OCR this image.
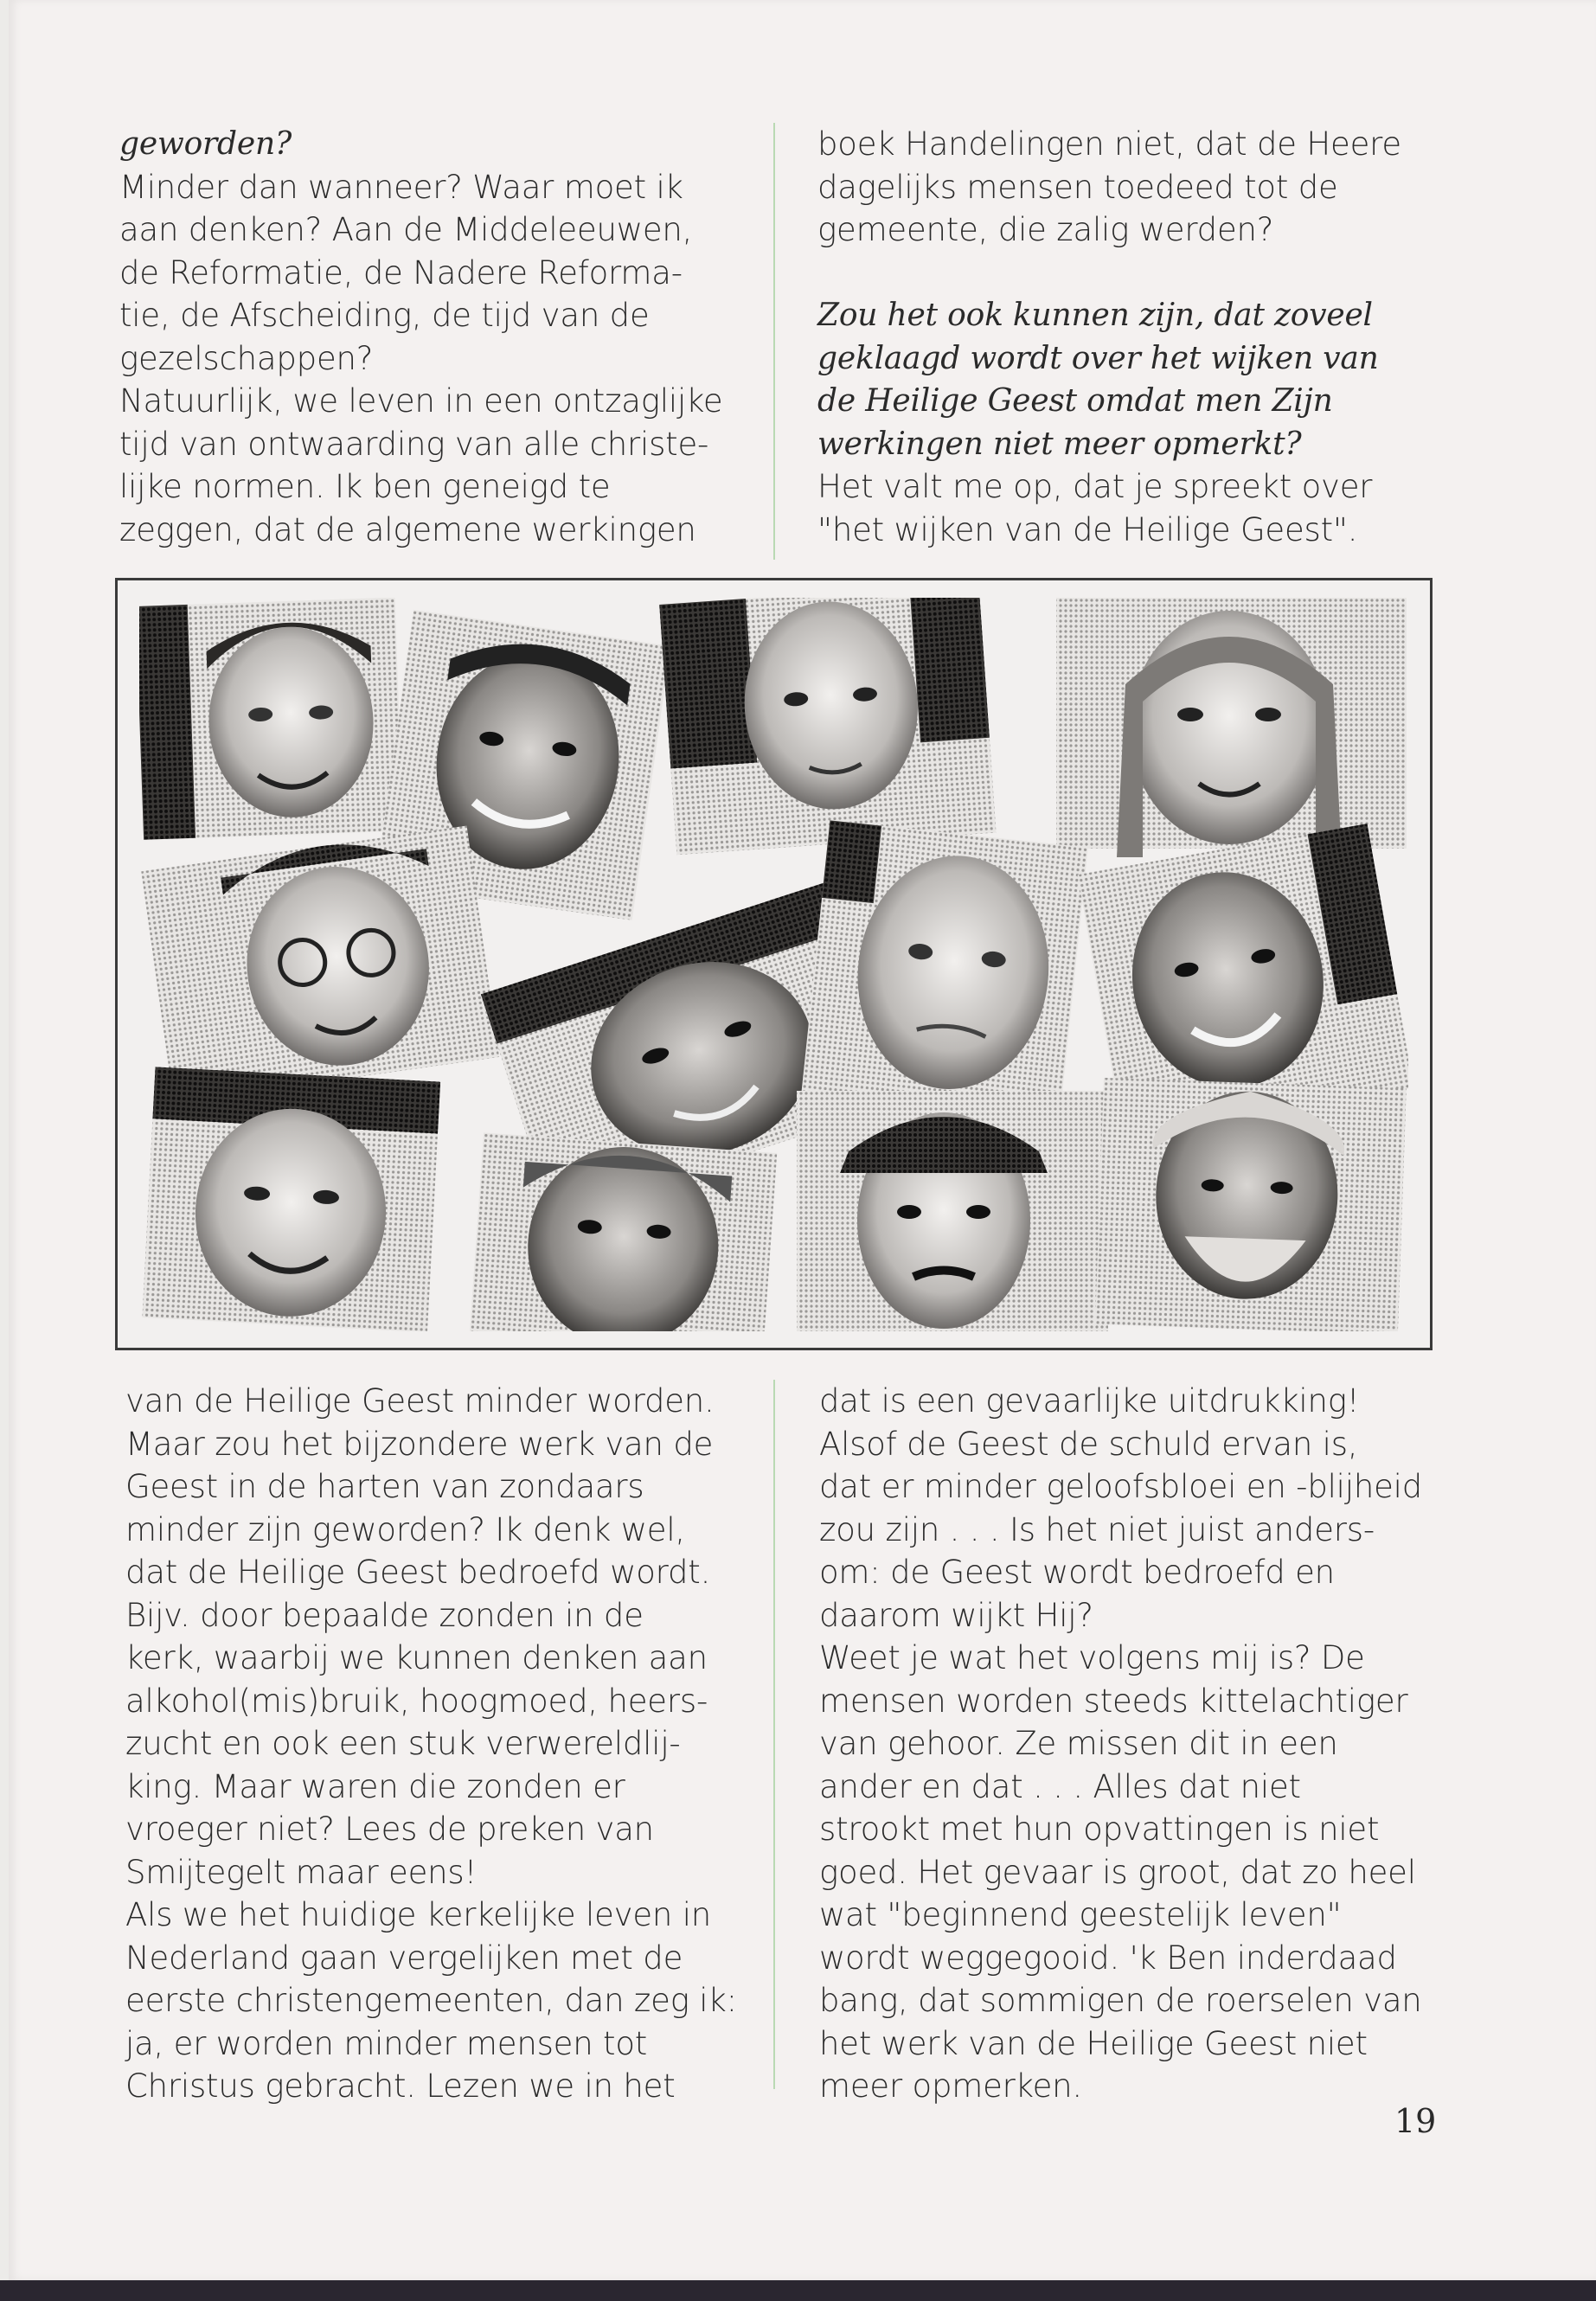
geworden?
Minder dan wanneer? Waar moet ik
aan denken? Aan de Middeleeuwen,
de Reformatie, de Nadere Reforma-
tie, de Afscheiding, de tijd van de
gezelschappen?
Natuurlijk, we leven in een ontzaglijke
tijd van ontwaarding van alle christe-
lijke normen. Ik ben geneigd te
zeggen, dat de algemene werkingen
boek Handelingen niet, dat de Heere
dagelijks mensen toedeed tot de
gemeente, die zalig werden?
Zou het ook kunnen zijn, dat zoveel
geklaagd wordt over het wijken van
de Heilige Geest omdat men Zijn
werkingen niet meer opmerkt?
Het valt me op, dat je spreekt over
"het wijken van de Heilige Geest".
van de Heilige Geest minder worden.
Maar zou het bijzondere werk van de
Geest in de harten van zondaars
minder zijn geworden? Ik denk wel,
dat de Heilige Geest bedroefd wordt.
Bijv. door bepaalde zonden in de
kerk, waarbij we kunnen denken aan
alkohol(mis)bruik, hoogmoed, heers-
zucht en ook een stuk verwereldlij-
king. Maar waren die zonden er
vroeger niet? Lees de preken van
Smijtegelt maar eens!
Als we het huidige kerkelijke leven in
Nederland gaan vergelijken met de
eerste christengemeenten, dan zeg ik:
ja, er worden minder mensen tot
Christus gebracht. Lezen we in het
dat is een gevaarlijke uitdrukking!
Alsof de Geest de schuld ervan is,
dat er minder geloofsbloei en -blijheid
zou zijn . . . Is het niet juist anders-
om: de Geest wordt bedroefd en
daarom wijkt Hij?
Weet je wat het volgens mij is? De
mensen worden steeds kittelachtiger
van gehoor. Ze missen dit in een
ander en dat . . . Alles dat niet
strookt met hun opvattingen is niet
goed. Het gevaar is groot, dat zo heel
wat "beginnend geestelijk leven"
wordt weggegooid. 'k Ben inderdaad
bang, dat sommigen de roerselen van
het werk van de Heilige Geest niet
meer opmerken.
19
